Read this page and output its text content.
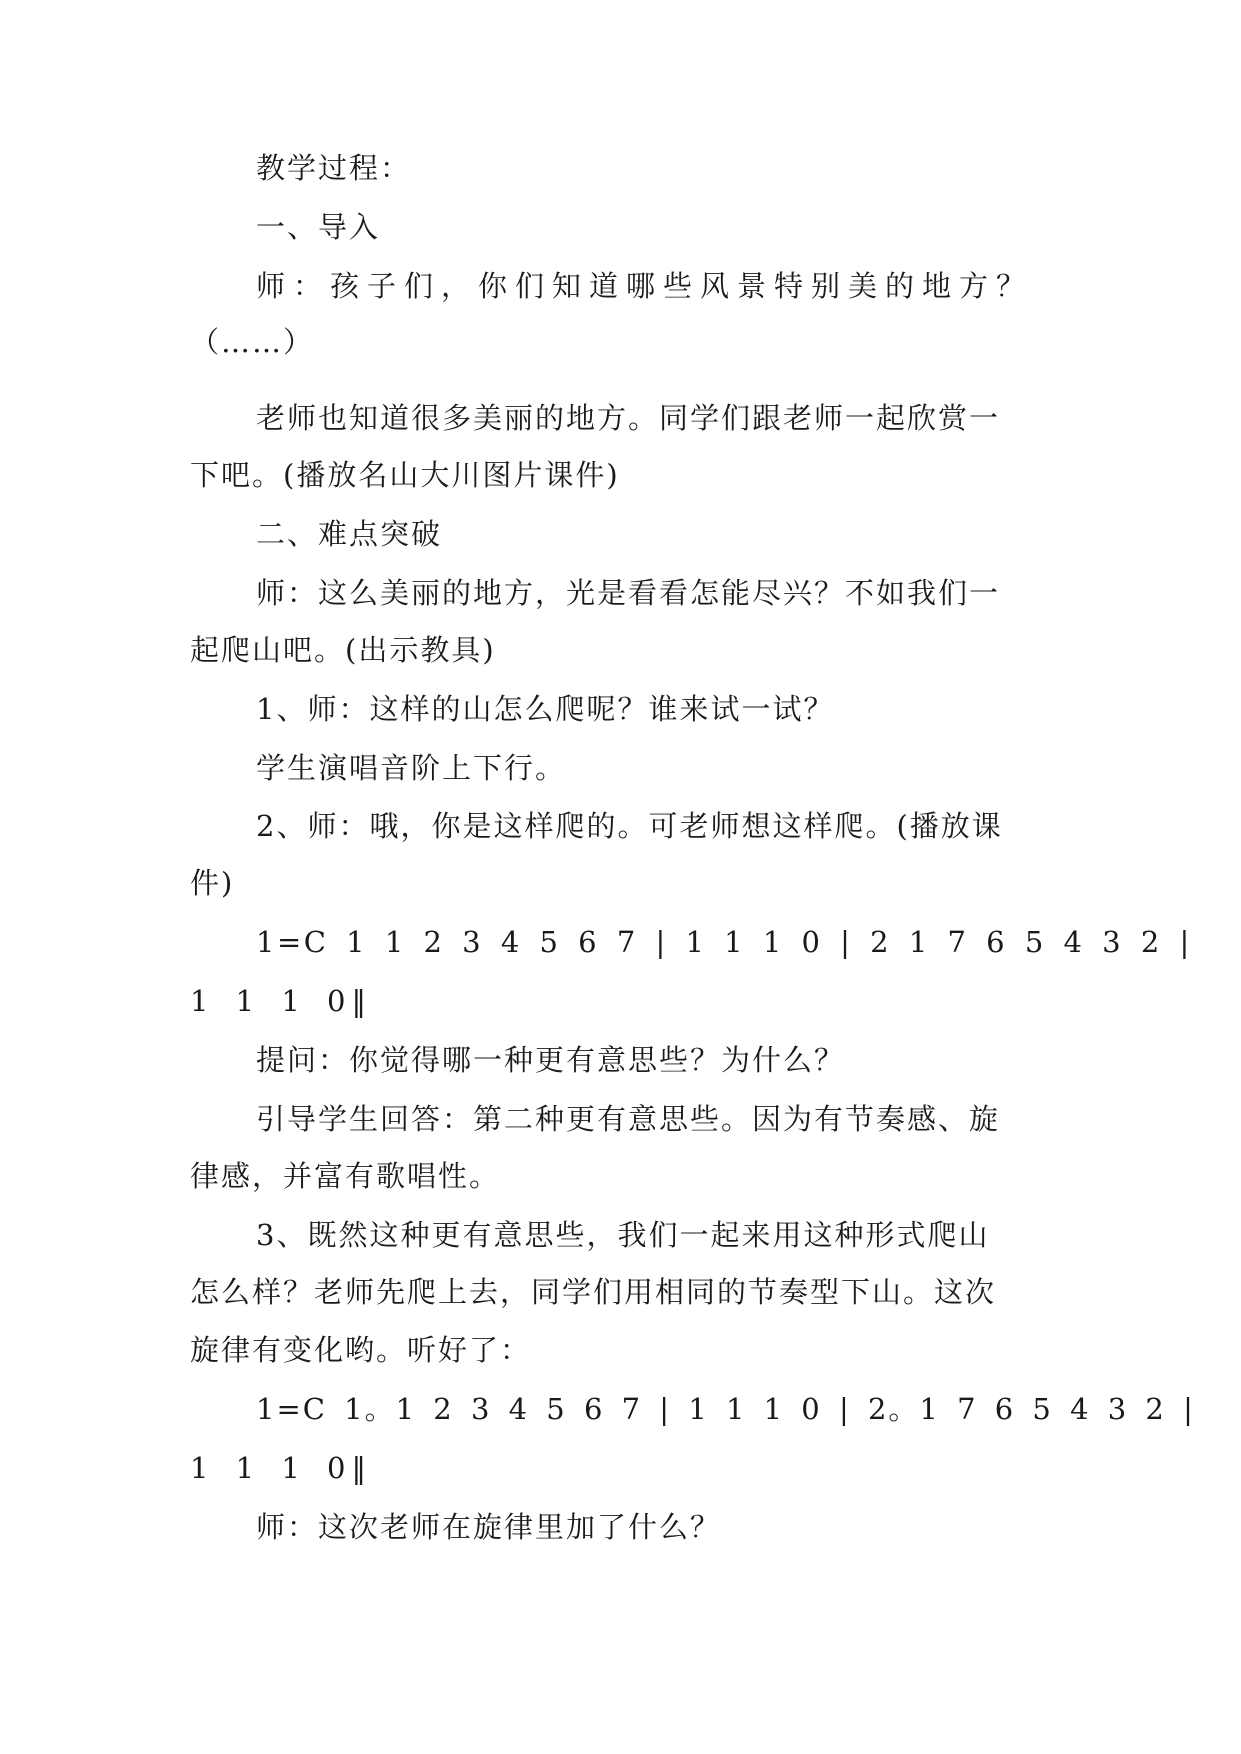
教学过程：
一、导入
师：孩子们，你们知道哪些风景特别美的地方？
（……）
老师也知道很多美丽的地方。同学们跟老师一起欣赏一
下吧。(播放名山大川图片课件)
二、难点突破
师：这么美丽的地方，光是看看怎能尽兴？不如我们一
起爬山吧。(出示教具)
1、师：这样的山怎么爬呢？谁来试一试？
学生演唱音阶上下行。
2、师：哦，你是这样爬的。可老师想这样爬。(播放课
件)
1=C 1 1 2 3 4 5 6 7 | 1 1 1 0 | 2 1 7 6 5 4 3 2 |
1 1 1 0‖
提问：你觉得哪一种更有意思些？为什么？
引导学生回答：第二种更有意思些。因为有节奏感、旋
律感，并富有歌唱性。
3、既然这种更有意思些，我们一起来用这种形式爬山
怎么样？老师先爬上去，同学们用相同的节奏型下山。这次
旋律有变化哟。听好了：
1=C 1。1 2 3 4 5 6 7 | 1 1 1 0 | 2。1 7 6 5 4 3 2 |
1 1 1 0‖
师：这次老师在旋律里加了什么？
